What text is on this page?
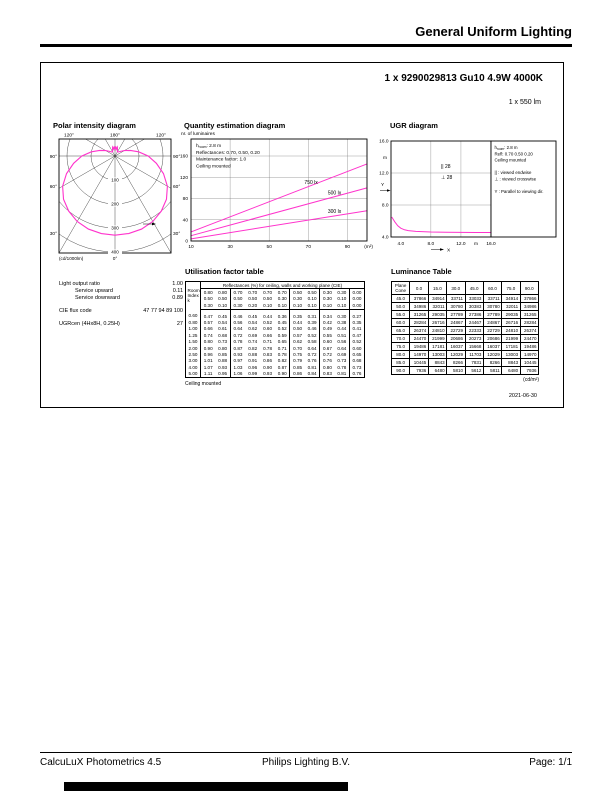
General Uniform Lighting
1 x 9290029813 Gu10 4.9W 4000K
1 x 550 lm
Polar intensity diagram
100
200
300
400
120°	180°	120°
90°	90°
60°	60°
30°	30°
(cd/1000lm)	0°
Quantity estimation diagram
750 lx
500 lx
300 lx
0
40
80
120
160
10	30	50	70	90	(m²)
nr. of luminaires
$h_{room}$: 2.8 m
Reflectances: 0.70, 0.50, 0.20
Maintenance factor: 1.0
Ceiling mounted
UGR diagram
|| 28
⊥ 28
$h_{room}$: 2.8 m
Refl: 0.70 0.50 0.20
Ceiling mounted
|| : viewed endwise
⊥ : viewed crosswise
Y : Parallel to viewing dir.
4.0	8.0	12.0	16.0
m
X
16.0
12.0
8.0
4.0
m
Y
Light output ratio	1.00
Service upward	0.11
Service downward	0.89
CIE flux code	47 77 94 89 100
UGRcen (4Hx8H, 0.25H)	27
Utilisation factor table
Room
Index
k	Reflectances (%) for ceiling, walls and working plane (CIE)										
	0.80	0.80	0.70	0.70	0.70	0.70	0.50	0.50	0.30	0.30	0.00
	0.50	0.50	0.50	0.50	0.50	0.30	0.30	0.10	0.30	0.10	0.00
	0.30	0.10	0.30	0.20	0.10	0.10	0.10	0.10	0.10	0.10	0.00
0.60	0.47	0.45	0.46	0.45	0.44	0.36	0.35	0.31	0.34	0.30	0.27
0.80	0.57	0.54	0.56	0.54	0.52	0.45	0.44	0.39	0.42	0.38	0.35
1.00	0.66	0.61	0.64	0.62	0.60	0.52	0.50	0.46	0.49	0.44	0.41
1.25	0.74	0.68	0.72	0.69	0.66	0.59	0.57	0.52	0.55	0.51	0.47
1.50	0.80	0.73	0.78	0.74	0.71	0.65	0.62	0.58	0.60	0.56	0.52
2.00	0.90	0.80	0.87	0.82	0.78	0.71	0.70	0.64	0.67	0.64	0.60
2.50	0.96	0.85	0.93	0.88	0.83	0.78	0.75	0.72	0.72	0.69	0.65
3.00	1.01	0.88	0.97	0.91	0.86	0.82	0.79	0.76	0.76	0.73	0.68
4.00	1.07	0.93	1.03	0.96	0.90	0.87	0.85	0.81	0.80	0.78	0.73
5.00	1.11	0.95	1.06	0.99	0.93	0.90	0.86	0.84	0.83	0.81	0.76
Ceiling mounted
Luminance Table
Plane
Cone	0.0	15.0	30.0	45.0	60.0	75.0	90.0
45.0	37866	34914	33711	33033	33711	34914	37866
50.0	34986	32011	30780	30383	30780	32011	34986
55.0	31265	29035	27789	27386	27789	29035	31265
60.0	28284	26716	24867	24467	24867	26716	28284
65.0	26374	24810	22729	22333	22729	24810	26374
70.0	24470	21999	20686	20273	20686	21999	24470
75.0	19486	17181	16037	15668	16037	17181	19486
80.0	14970	13003	12029	11703	12029	13003	14970
85.0	10445	8843	8266	7831	8266	8843	10445
90.0	7936	6480	5810	5612	5811	6480	7936
(cd/m²)
2021-06-30
CalcuLuX Photometrics 4.5	Philips Lighting B.V.	Page: 1/1
